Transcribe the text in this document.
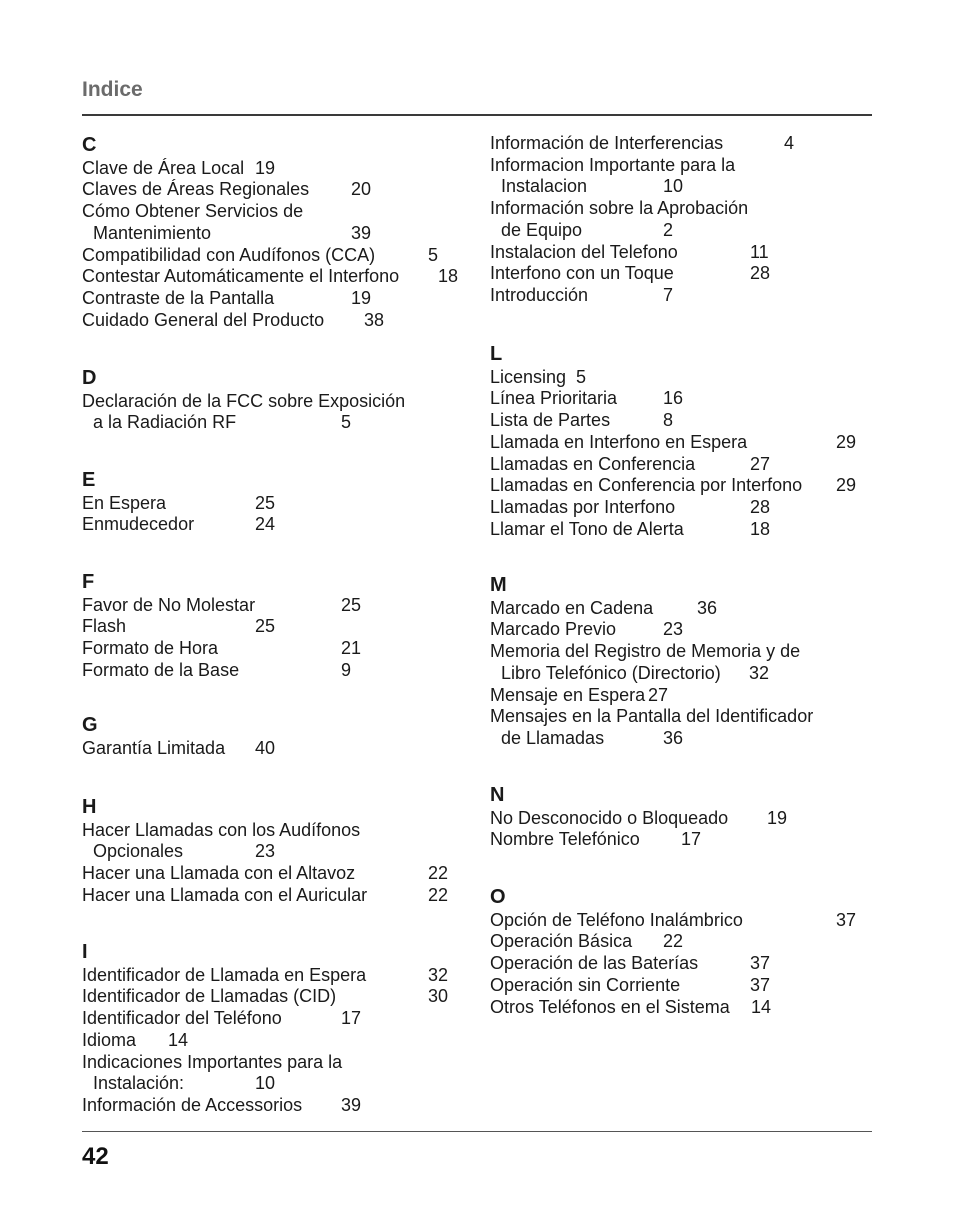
Indice
C
Clave de Área Local 19
Claves de Áreas Regionales 20
Cómo Obtener Servicios de
Mantenimiento	39
Compatibilidad con Audífonos (CCA)	5
Contestar Automáticamente el Interfono 18
Contraste de la Pantalla	19
Cuidado General del Producto 38
D
Declaración de la FCC sobre Exposición
a la Radiación RF	5
E
En Espera	25
Enmudecedor	24
F
Favor de No Molestar	25
Flash	25
Formato de Hora	21
Formato de la Base	9
G
Garantía Limitada 40
H
Hacer Llamadas con los Audífonos
Opcionales	23
Hacer una Llamada con el Altavoz	22
Hacer una Llamada con el Auricular	22
I
Identificador de Llamada en Espera	32
Identificador de Llamadas (CID)	30
Identificador del Teléfono	17
Idioma 14
Indicaciones Importantes para la
Instalación:	10
Información de Accessorios 39
Información de Interferencias	4
Informacion Importante para la
Instalacion	10
Información sobre la Aprobación
de Equipo	2
Instalacion del Telefono	11
Interfono con un Toque	28
Introducción	7
L
Licensing 5
Línea Prioritaria	16
Lista de Partes	8
Llamada en Interfono en Espera	29
Llamadas en Conferencia	27
Llamadas en Conferencia por Interfono 29
Llamadas por Interfono	28
Llamar el Tono de Alerta	18
M
Marcado en Cadena 36
Marcado Previo	23
Memoria del Registro de Memoria y de
Libro Telefónico (Directorio) 32
Mensaje en Espera 27
Mensajes en la Pantalla del Identificador
de Llamadas	36
N
No Desconocido o Bloqueado 19
Nombre Telefónico 17
O
Opción de Teléfono Inalámbrico	37
Operación Básica 22
Operación de las Baterías	37
Operación sin Corriente	37
Otros Teléfonos en el Sistema 14
42
